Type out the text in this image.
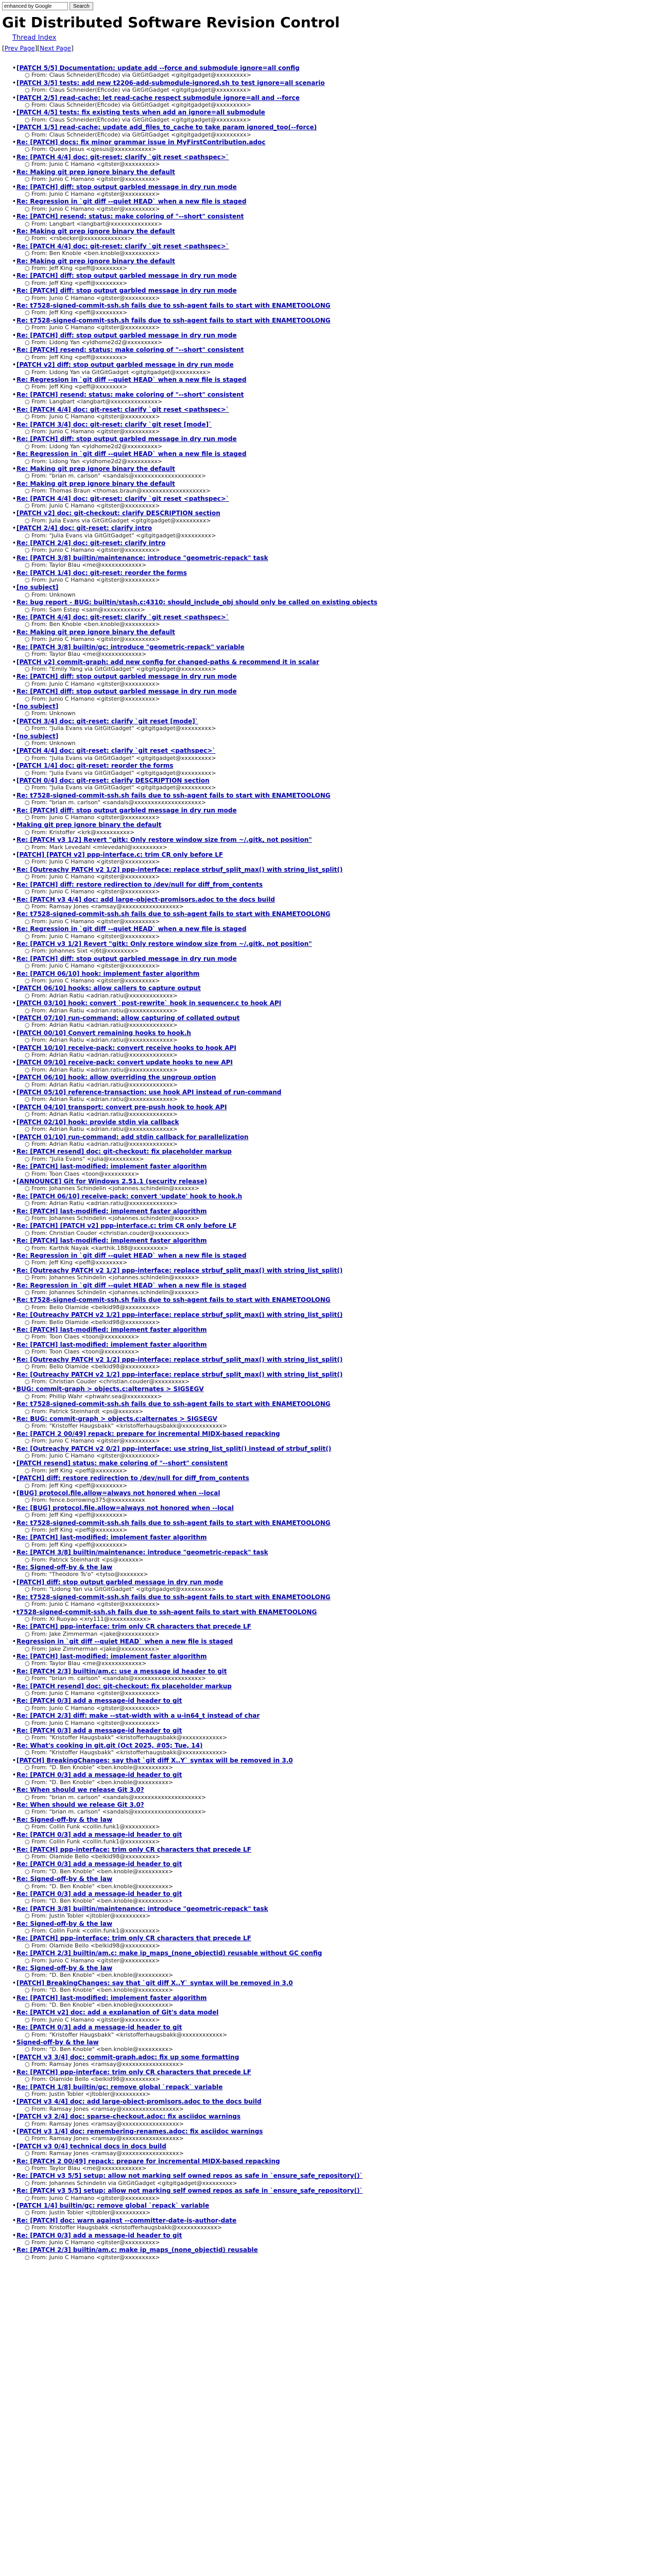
enhanced by Google
Search
Git Distributed Software Revision Control
Thread Index
[Prev Page][Next Page]
•[PATCH 5/5] Documentation: update add --force and submodule ignore=all config
○ From: Claus Schneider(Eficode) via GitGitGadget <gitgitgadget@xxxxxxxxx>
•[PATCH 3/5] tests: add new t2206-add-submodule-ignored.sh to test ignore=all scenario
○ From: Claus Schneider(Eficode) via GitGitGadget <gitgitgadget@xxxxxxxxx>
•[PATCH 2/5] read-cache: let read-cache respect submodule ignore=all and --force
○ From: Claus Schneider(Eficode) via GitGitGadget <gitgitgadget@xxxxxxxxx>
•[PATCH 4/5] tests: fix existing tests when add an ignore=all submodule
○ From: Claus Schneider(Eficode) via GitGitGadget <gitgitgadget@xxxxxxxxx>
•[PATCH 1/5] read-cache: update add_files_to_cache to take param ignored_too(--force)
○ From: Claus Schneider(Eficode) via GitGitGadget <gitgitgadget@xxxxxxxxx>
•Re: [PATCH] docs: fix minor grammar issue in MyFirstContribution.adoc
○ From: Queen Jesus <qjesus@xxxxxxxxxxx>
•Re: [PATCH 4/4] doc: git-reset: clarify `git reset <pathspec>`
○ From: Junio C Hamano <gitster@xxxxxxxxx>
•Re: Making git prep ignore binary the default
○ From: Junio C Hamano <gitster@xxxxxxxxx>
•Re: [PATCH] diff: stop output garbled message in dry run mode
○ From: Junio C Hamano <gitster@xxxxxxxxx>
•Re: Regression in `git diff --quiet HEAD` when a new file is staged
○ From: Junio C Hamano <gitster@xxxxxxxxx>
•Re: [PATCH] resend: status: make coloring of "--short" consistent
○ From: Langbart <langbart@xxxxxxxxxxxxxx>
•Re: Making git prep ignore binary the default
○ From: <rsbecker@xxxxxxxxxxxxx>
•Re: [PATCH 4/4] doc: git-reset: clarify `git reset <pathspec>`
○ From: Ben Knoble <ben.knoble@xxxxxxxxx>
•Re: Making git prep ignore binary the default
○ From: Jeff King <peff@xxxxxxxx>
•Re: [PATCH] diff: stop output garbled message in dry run mode
○ From: Jeff King <peff@xxxxxxxx>
•Re: [PATCH] diff: stop output garbled message in dry run mode
○ From: Junio C Hamano <gitster@xxxxxxxxx>
•Re: t7528-signed-commit-ssh.sh fails due to ssh-agent fails to start with ENAMETOOLONG
○ From: Jeff King <peff@xxxxxxxx>
•Re: t7528-signed-commit-ssh.sh fails due to ssh-agent fails to start with ENAMETOOLONG
○ From: Junio C Hamano <gitster@xxxxxxxxx>
•Re: [PATCH] diff: stop output garbled message in dry run mode
○ From: Lidong Yan <yldhome2d2@xxxxxxxxx>
•Re: [PATCH] resend: status: make coloring of "--short" consistent
○ From: Jeff King <peff@xxxxxxxx>
•[PATCH v2] diff: stop output garbled message in dry run mode
○ From: Lidong Yan via GitGitGadget <gitgitgadget@xxxxxxxxx>
•Re: Regression in `git diff --quiet HEAD` when a new file is staged
○ From: Jeff King <peff@xxxxxxxx>
•Re: [PATCH] resend: status: make coloring of "--short" consistent
○ From: Langbart <langbart@xxxxxxxxxxxxxx>
•Re: [PATCH 4/4] doc: git-reset: clarify `git reset <pathspec>`
○ From: Junio C Hamano <gitster@xxxxxxxxx>
•Re: [PATCH 3/4] doc: git-reset: clarify `git reset [mode]`
○ From: Junio C Hamano <gitster@xxxxxxxxx>
•Re: [PATCH] diff: stop output garbled message in dry run mode
○ From: Lidong Yan <yldhome2d2@xxxxxxxxx>
•Re: Regression in `git diff --quiet HEAD` when a new file is staged
○ From: Lidong Yan <yldhome2d2@xxxxxxxxx>
•Re: Making git prep ignore binary the default
○ From: "brian m. carlson" <sandals@xxxxxxxxxxxxxxxxxxxx>
•Re: Making git prep ignore binary the default
○ From: Thomas Braun <thomas.braun@xxxxxxxxxxxxxxxxxxx>
•Re: [PATCH 4/4] doc: git-reset: clarify `git reset <pathspec>`
○ From: Junio C Hamano <gitster@xxxxxxxxx>
•[PATCH v2] doc: git-checkout: clarify DESCRIPTION section
○ From: Julia Evans via GitGitGadget <gitgitgadget@xxxxxxxxx>
•[PATCH 2/4] doc: git-reset: clarify intro
○ From: "Julia Evans via GitGitGadget" <gitgitgadget@xxxxxxxxx>
•Re: [PATCH 2/4] doc: git-reset: clarify intro
○ From: Junio C Hamano <gitster@xxxxxxxxx>
•Re: [PATCH 3/8] builtin/maintenance: introduce "geometric-repack" task
○ From: Taylor Blau <me@xxxxxxxxxxxx>
•Re: [PATCH 1/4] doc: git-reset: reorder the forms
○ From: Junio C Hamano <gitster@xxxxxxxxx>
•[no subject]
○ From: Unknown
•Re: bug report - BUG: builtin/stash.c:4310: should_include_obj should only be called on existing objects
○ From: Sam Estep <sam@xxxxxxxxxxx>
•Re: [PATCH 4/4] doc: git-reset: clarify `git reset <pathspec>`
○ From: Ben Knoble <ben.knoble@xxxxxxxxx>
•Re: Making git prep ignore binary the default
○ From: Junio C Hamano <gitster@xxxxxxxxx>
•Re: [PATCH 3/8] builtin/gc: introduce "geometric-repack" variable
○ From: Taylor Blau <me@xxxxxxxxxxxx>
•[PATCH v2] commit-graph: add new config for changed-paths & recommend it in scalar
○ From: "Emily Yang via GitGitGadget" <gitgitgadget@xxxxxxxxx>
•Re: [PATCH] diff: stop output garbled message in dry run mode
○ From: Junio C Hamano <gitster@xxxxxxxxx>
•Re: [PATCH] diff: stop output garbled message in dry run mode
○ From: Junio C Hamano <gitster@xxxxxxxxx>
•[no subject]
○ From: Unknown
•[PATCH 3/4] doc: git-reset: clarify `git reset [mode]`
○ From: "Julia Evans via GitGitGadget" <gitgitgadget@xxxxxxxxx>
•[no subject]
○ From: Unknown
•[PATCH 4/4] doc: git-reset: clarify `git reset <pathspec>`
○ From: "Julia Evans via GitGitGadget" <gitgitgadget@xxxxxxxxx>
•[PATCH 1/4] doc: git-reset: reorder the forms
○ From: "Julia Evans via GitGitGadget" <gitgitgadget@xxxxxxxxx>
•[PATCH 0/4] doc: git-reset: clarify DESCRIPTION section
○ From: "Julia Evans via GitGitGadget" <gitgitgadget@xxxxxxxxx>
•Re: t7528-signed-commit-ssh.sh fails due to ssh-agent fails to start with ENAMETOOLONG
○ From: "brian m. carlson" <sandals@xxxxxxxxxxxxxxxxxxxx>
•Re: [PATCH] diff: stop output garbled message in dry run mode
○ From: Junio C Hamano <gitster@xxxxxxxxx>
•Making git prep ignore binary the default
○ From: Kristoffer <krk@xxxxxxxxxx>
•Re: [PATCH v3 1/2] Revert "gitk: Only restore window size from ~/.gitk, not position"
○ From: Mark Levedahl <mlevedahl@xxxxxxxxx>
•[PATCH] [PATCH v2] ppp-interface.c: trim CR only before LF
○ From: Junio C Hamano <gitster@xxxxxxxxx>
•Re: [Outreachy PATCH v2 1/2] ppp-interface: replace strbuf_split_max() with string_list_split()
○ From: Junio C Hamano <gitster@xxxxxxxxx>
•Re: [PATCH] diff: restore redirection to /dev/null for diff_from_contents
○ From: Junio C Hamano <gitster@xxxxxxxxx>
•Re: [PATCH v3 4/4] doc: add large-object-promisors.adoc to the docs build
○ From: Ramsay Jones <ramsay@xxxxxxxxxxxxxxxxx>
•Re: t7528-signed-commit-ssh.sh fails due to ssh-agent fails to start with ENAMETOOLONG
○ From: Junio C Hamano <gitster@xxxxxxxxx>
•Re: Regression in `git diff --quiet HEAD` when a new file is staged
○ From: Junio C Hamano <gitster@xxxxxxxxx>
•Re: [PATCH v3 1/2] Revert "gitk: Only restore window size from ~/.gitk, not position"
○ From: Johannes Sixt <j6t@xxxxxxxx>
•Re: [PATCH] diff: stop output garbled message in dry run mode
○ From: Junio C Hamano <gitster@xxxxxxxxx>
•Re: [PATCH 06/10] hook: implement faster algorithm
○ From: Junio C Hamano <gitster@xxxxxxxxx>
•[PATCH 06/10] hooks: allow callers to capture output
○ From: Adrian Ratiu <adrian.ratiu@xxxxxxxxxxxxx>
•[PATCH 03/10] hook: convert `post-rewrite` hook in sequencer.c to hook API
○ From: Adrian Ratiu <adrian.ratiu@xxxxxxxxxxxxx>
•[PATCH 07/10] run-command: allow capturing of collated output
○ From: Adrian Ratiu <adrian.ratiu@xxxxxxxxxxxxx>
•[PATCH 00/10] Convert remaining hooks to hook.h
○ From: Adrian Ratiu <adrian.ratiu@xxxxxxxxxxxxx>
•[PATCH 10/10] receive-pack: convert receive hooks to hook API
○ From: Adrian Ratiu <adrian.ratiu@xxxxxxxxxxxxx>
•[PATCH 09/10] receive-pack: convert update hooks to new API
○ From: Adrian Ratiu <adrian.ratiu@xxxxxxxxxxxxx>
•[PATCH 06/10] hook: allow overriding the ungroup option
○ From: Adrian Ratiu <adrian.ratiu@xxxxxxxxxxxxx>
•[PATCH 05/10] reference-transaction: use hook API instead of run-command
○ From: Adrian Ratiu <adrian.ratiu@xxxxxxxxxxxxx>
•[PATCH 04/10] transport: convert pre-push hook to hook API
○ From: Adrian Ratiu <adrian.ratiu@xxxxxxxxxxxxx>
•[PATCH 02/10] hook: provide stdin via callback
○ From: Adrian Ratiu <adrian.ratiu@xxxxxxxxxxxxx>
•[PATCH 01/10] run-command: add stdin callback for parallelization
○ From: Adrian Ratiu <adrian.ratiu@xxxxxxxxxxxxx>
•Re: [PATCH resend] doc: git-checkout: fix placeholder markup
○ From: "Julia Evans" <julia@xxxxxxxxx>
•Re: [PATCH] last-modified: implement faster algorithm
○ From: Toon Claes <toon@xxxxxxxxx>
•[ANNOUNCE] Git for Windows 2.51.1 (security release)
○ From: Johannes Schindelin <johannes.schindelin@xxxxxx>
•Re: [PATCH 06/10] receive-pack: convert 'update' hook to hook.h
○ From: Adrian Ratiu <adrian.ratiu@xxxxxxxxxxxxx>
•Re: [PATCH] last-modified: implement faster algorithm
○ From: Johannes Schindelin <johannes.schindelin@xxxxxx>
•Re: [PATCH] [PATCH v2] ppp-interface.c: trim CR only before LF
○ From: Christian Couder <christian.couder@xxxxxxxxx>
•Re: [PATCH] last-modified: implement faster algorithm
○ From: Karthik Nayak <karthik.188@xxxxxxxxx>
•Re: Regression in `git diff --quiet HEAD` when a new file is staged
○ From: Jeff King <peff@xxxxxxxx>
•Re: [Outreachy PATCH v2 1/2] ppp-interface: replace strbuf_split_max() with string_list_split()
○ From: Johannes Schindelin <johannes.schindelin@xxxxxx>
•Re: Regression in `git diff --quiet HEAD` when a new file is staged
○ From: Johannes Schindelin <johannes.schindelin@xxxxxx>
•Re: t7528-signed-commit-ssh.sh fails due to ssh-agent fails to start with ENAMETOOLONG
○ From: Bello Olamide <belkid98@xxxxxxxxx>
•Re: [Outreachy PATCH v2 1/2] ppp-interface: replace strbuf_split_max() with string_list_split()
○ From: Bello Olamide <belkid98@xxxxxxxxx>
•Re: [PATCH] last-modified: implement faster algorithm
○ From: Toon Claes <toon@xxxxxxxxx>
•Re: [PATCH] last-modified: implement faster algorithm
○ From: Toon Claes <toon@xxxxxxxxx>
•Re: [Outreachy PATCH v2 1/2] ppp-interface: replace strbuf_split_max() with string_list_split()
○ From: Bello Olamide <belkid98@xxxxxxxxx>
•Re: [Outreachy PATCH v2 1/2] ppp-interface: replace strbuf_split_max() with string_list_split()
○ From: Christian Couder <christian.couder@xxxxxxxxx>
•BUG: commit-graph > objects.c:alternates > SIGSEGV
○ From: Phillip Wahr <phwahr.sea@xxxxxxxxx>
•Re: t7528-signed-commit-ssh.sh fails due to ssh-agent fails to start with ENAMETOOLONG
○ From: Patrick Steinhardt <ps@xxxxxx>
•Re: BUG: commit-graph > objects.c:alternates > SIGSEGV
○ From: "Kristoffer Haugsbakk" <kristofferhaugsbakk@xxxxxxxxxxxx>
•Re: [PATCH 2 00/49] repack: prepare for incremental MIDX-based repacking
○ From: Junio C Hamano <gitster@xxxxxxxxx>
•Re: [Outreachy PATCH v2 0/2] ppp-interface: use string_list_split() instead of strbuf_split()
○ From: Junio C Hamano <gitster@xxxxxxxxx>
•[PATCH resend] status: make coloring of "--short" consistent
○ From: Jeff King <peff@xxxxxxxx>
•[PATCH] diff: restore redirection to /dev/null for diff_from_contents
○ From: Jeff King <peff@xxxxxxxx>
•[BUG] protocol.file.allow=always not honored when --local
○ From: fence.borrowing375@xxxxxxxxxx
•Re: [BUG] protocol.file.allow=always not honored when --local
○ From: Jeff King <peff@xxxxxxxx>
•Re: t7528-signed-commit-ssh.sh fails due to ssh-agent fails to start with ENAMETOOLONG
○ From: Jeff King <peff@xxxxxxxx>
•Re: [PATCH] last-modified: implement faster algorithm
○ From: Jeff King <peff@xxxxxxxx>
•Re: [PATCH 3/8] builtin/maintenance: introduce "geometric-repack" task
○ From: Patrick Steinhardt <ps@xxxxxx>
•Re: Signed-off-by & the law
○ From: "Theodore Ts'o" <tytso@xxxxxxx>
•[PATCH] diff: stop output garbled message in dry run mode
○ From: "Lidong Yan via GitGitGadget" <gitgitgadget@xxxxxxxxx>
•Re: t7528-signed-commit-ssh.sh fails due to ssh-agent fails to start with ENAMETOOLONG
○ From: Junio C Hamano <gitster@xxxxxxxxx>
•t7528-signed-commit-ssh.sh fails due to ssh-agent fails to start with ENAMETOOLONG
○ From: Xi Ruoyao <xry111@xxxxxxxxxxx>
•Re: [PATCH] ppp-interface: trim only CR characters that precede LF
○ From: Jake Zimmerman <jake@xxxxxxxxxx>
•Regression in `git diff --quiet HEAD` when a new file is staged
○ From: Jake Zimmerman <jake@xxxxxxxxxx>
•Re: [PATCH] last-modified: implement faster algorithm
○ From: Taylor Blau <me@xxxxxxxxxxxx>
•Re: [PATCH 2/3] builtin/am.c: use a message id header to git
○ From: "brian m. carlson" <sandals@xxxxxxxxxxxxxxxxxxxx>
•Re: [PATCH resend] doc: git-checkout: fix placeholder markup
○ From: Junio C Hamano <gitster@xxxxxxxxx>
•Re: [PATCH 0/3] add a message-id header to git
○ From: Junio C Hamano <gitster@xxxxxxxxx>
•Re: [PATCH 2/3] diff: make --stat-width with a u-in64_t instead of char
○ From: Junio C Hamano <gitster@xxxxxxxxx>
•Re: [PATCH 0/3] add a message-id header to git
○ From: "Kristoffer Haugsbakk" <kristofferhaugsbakk@xxxxxxxxxxxx>
•Re: What's cooking in git.git (Oct 2025, #05; Tue, 14)
○ From: "Kristoffer Haugsbakk" <kristofferhaugsbakk@xxxxxxxxxxxx>
•[PATCH] BreakingChanges: say that `git diff X..Y` syntax will be removed in 3.0
○ From: "D. Ben Knoble" <ben.knoble@xxxxxxxxx>
•Re: [PATCH 0/3] add a message-id header to git
○ From: "D. Ben Knoble" <ben.knoble@xxxxxxxxx>
•Re: When should we release Git 3.0?
○ From: "brian m. carlson" <sandals@xxxxxxxxxxxxxxxxxxxx>
•Re: When should we release Git 3.0?
○ From: "brian m. carlson" <sandals@xxxxxxxxxxxxxxxxxxxx>
•Re: Signed-off-by & the law
○ From: Collin Funk <collin.funk1@xxxxxxxxx>
•Re: [PATCH 0/3] add a message-id header to git
○ From: Collin Funk <collin.funk1@xxxxxxxxx>
•Re: [PATCH] ppp-interface: trim only CR characters that precede LF
○ From: Olamide Bello <belkid98@xxxxxxxxx>
•Re: [PATCH 0/3] add a message-id header to git
○ From: "D. Ben Knoble" <ben.knoble@xxxxxxxxx>
•Re: Signed-off-by & the law
○ From: "D. Ben Knoble" <ben.knoble@xxxxxxxxx>
•Re: [PATCH 0/3] add a message-id header to git
○ From: "D. Ben Knoble" <ben.knoble@xxxxxxxxx>
•Re: [PATCH 3/8] builtin/maintenance: introduce "geometric-repack" task
○ From: Justin Tobler <jltobler@xxxxxxxxx>
•Re: Signed-off-by & the law
○ From: Collin Funk <collin.funk1@xxxxxxxxx>
•Re: [PATCH] ppp-interface: trim only CR characters that precede LF
○ From: Olamide Bello <belkid98@xxxxxxxxx>
•Re: [PATCH 2/3] builtin/am.c: make ip_maps_(none_objectid) reusable without GC config
○ From: Junio C Hamano <gitster@xxxxxxxxx>
•Re: Signed-off-by & the law
○ From: "D. Ben Knoble" <ben.knoble@xxxxxxxxx>
•[PATCH] BreakingChanges: say that `git diff X..Y` syntax will be removed in 3.0
○ From: "D. Ben Knoble" <ben.knoble@xxxxxxxxx>
•Re: [PATCH] last-modified: implement faster algorithm
○ From: "D. Ben Knoble" <ben.knoble@xxxxxxxxx>
•Re: [PATCH v2] doc: add a explanation of Git's data model
○ From: Junio C Hamano <gitster@xxxxxxxxx>
•Re: [PATCH 0/3] add a message-id header to git
○ From: "Kristoffer Haugsbakk" <kristofferhaugsbakk@xxxxxxxxxxxx>
•Signed-off-by & the law
○ From: "D. Ben Knoble" <ben.knoble@xxxxxxxxx>
•[PATCH v3 3/4] doc: commit-graph.adoc: fix up some formatting
○ From: Ramsay Jones <ramsay@xxxxxxxxxxxxxxxxx>
•Re: [PATCH] ppp-interface: trim only CR characters that precede LF
○ From: Olamide Bello <belkid98@xxxxxxxxx>
•Re: [PATCH 1/8] builtin/gc: remove global `repack` variable
○ From: Justin Tobler <jltobler@xxxxxxxxx>
•[PATCH v3 4/4] doc: add large-object-promisors.adoc to the docs build
○ From: Ramsay Jones <ramsay@xxxxxxxxxxxxxxxxx>
•[PATCH v3 2/4] doc: sparse-checkout.adoc: fix asciidoc warnings
○ From: Ramsay Jones <ramsay@xxxxxxxxxxxxxxxxx>
•[PATCH v3 1/4] doc: remembering-renames.adoc: fix asciidoc warnings
○ From: Ramsay Jones <ramsay@xxxxxxxxxxxxxxxxx>
•[PATCH v3 0/4] technical docs in docs build
○ From: Ramsay Jones <ramsay@xxxxxxxxxxxxxxxxx>
•Re: [PATCH 2 00/49] repack: prepare for incremental MIDX-based repacking
○ From: Taylor Blau <me@xxxxxxxxxxxx>
•Re: [PATCH v3 5/5] setup: allow not marking self owned repos as safe in `ensure_safe_repository()`
○ From: Johannes Schindelin via GitGitGadget <gitgitgadget@xxxxxxxxx>
•Re: [PATCH v3 5/5] setup: allow not marking self owned repos as safe in `ensure_safe_repository()`
○ From: Junio C Hamano <gitster@xxxxxxxxx>
•[PATCH 1/4] builtin/gc: remove global `repack` variable
○ From: Justin Tobler <jltobler@xxxxxxxxx>
•Re: [PATCH] doc: warn against --committer-date-is-author-date
○ From: Kristoffer Haugsbakk <kristofferhaugsbakk@xxxxxxxxxxxx>
•Re: [PATCH 0/3] add a message-id header to git
○ From: Junio C Hamano <gitster@xxxxxxxxx>
•Re: [PATCH 2/3] builtin/am.c: make ip_maps_(none_objectid) reusable
○ From: Junio C Hamano <gitster@xxxxxxxxx>
